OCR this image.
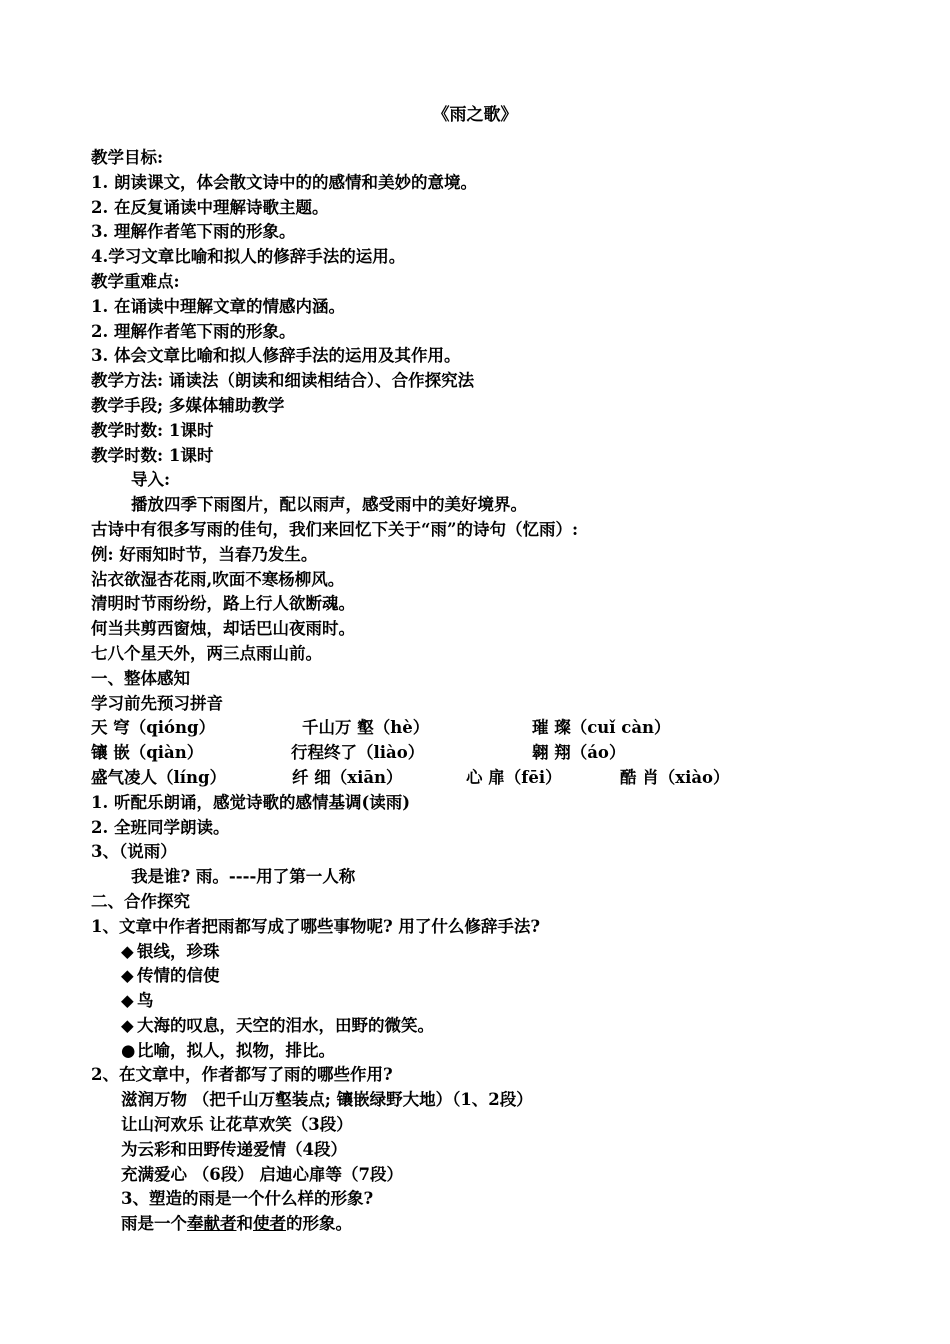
《雨之歌》
教学目标:
1. 朗读课文，体会散文诗中的的感情和美妙的意境。
2. 在反复诵读中理解诗歌主题。
3. 理解作者笔下雨的形象。
4.学习文章比喻和拟人的修辞手法的运用。
教学重难点:
1. 在诵读中理解文章的情感内涵。
2. 理解作者笔下雨的形象。
3. 体会文章比喻和拟人修辞手法的运用及其作用。
教学方法: 诵读法（朗读和细读相结合）、合作探究法
教学手段; 多媒体辅助教学
教学时数: 1课时
教学时数: 1课时
导入:
播放四季下雨图片，配以雨声，感受雨中的美好境界。
古诗中有很多写雨的佳句，我们来回忆下关于“雨”的诗句（忆雨）:
例: 好雨知时节，当春乃发生。
沾衣欲湿杏花雨,吹面不寒杨柳风。
清明时节雨纷纷，路上行人欲断魂。
何当共剪西窗烛，却话巴山夜雨时。
七八个星天外，两三点雨山前。
一、整体感知
学习前先预习拼音
天 穹（qióng）	千山万 壑（hè）	璀 璨（cuǐ càn）
镶 嵌（qiàn）	行程终了（liào）	翱 翔（áo）
盛气凌人（líng）	纤 细（xiān）	心 扉（fēi）	酷 肖（xiào）
1. 听配乐朗诵，感觉诗歌的感情基调(读雨)
2. 全班同学朗读。
3、（说雨）
我是谁? 雨。----用了第一人称
二、合作探究
1、文章中作者把雨都写成了哪些事物呢? 用了什么修辞手法?
◆ 银线，珍珠
◆ 传情的信使
◆ 鸟
◆ 大海的叹息，天空的泪水，田野的微笑。
●比喻，拟人，拟物，排比。
2、在文章中，作者都写了雨的哪些作用?
滋润万物 （把千山万壑装点; 镶嵌绿野大地）（1、2段）
让山河欢乐 让花草欢笑（3段）
为云彩和田野传递爱情（4段）
充满爱心 （6段） 启迪心扉等（7段）
3、塑造的雨是一个什么样的形象?
雨是一个奉献者和使者的形象。
